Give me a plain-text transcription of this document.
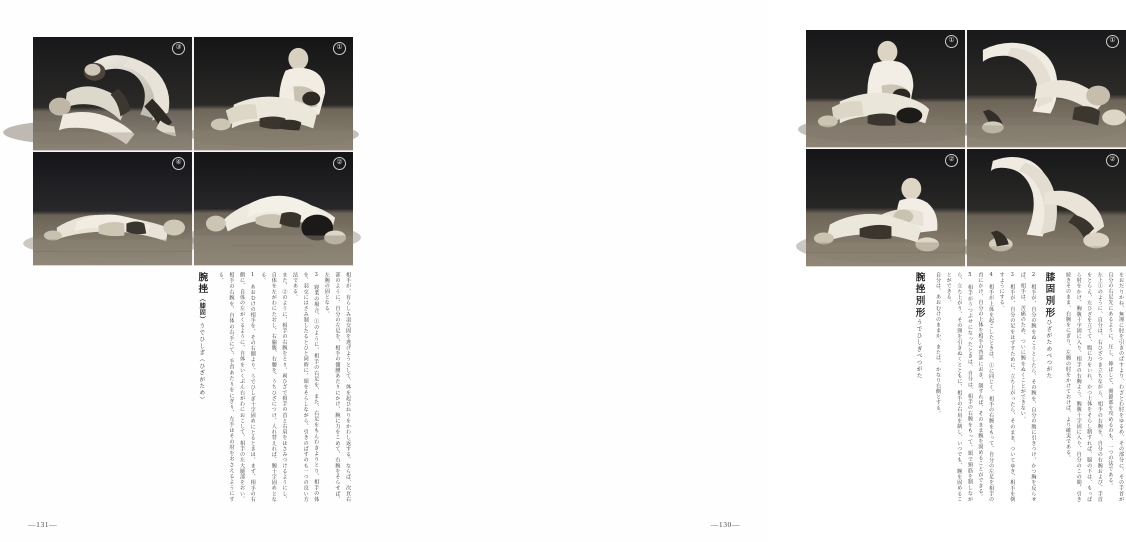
③	①
④	②
相手が、有らしみ羽交固を逃げようとして、体を起ひねりをかわし返する、ならば、次頁右部のように、自分の左足を、相手の側腰あたりにかけ、腕に力をこめて、右腕をそらせば、左腕の固となる。
3　寝業の場合、①のように、相手の右足を、また、右足をもんわきよりとり、相手の体を、羽交にはさみ制したるとひと同時に、頸をそらしながら、引きのばすのも一つの良い方法である。
また、②のように、相手の右腕をとり、両ひざで相手の首と右肩をはさみつけるようにし、自体を左がわにたおし、右脇腹、右腰を、うちひざにつけ、人れ替えれば、腕十字固めとなる。
1　あおむけの相手を、その右側より、うでひしぎ十字固めにとるときは、まず、相手の右側に、自体の左がくるように、自体をいくぶん右がわにおこして、相手の左大腿部をおい、相手の右腕を、自体の右手にて、手首あたりをにぎり、左手はその肘をおさえるようにする。
腕挫（膝固）うでひしぎ（ひざがため）
—131—
①	①
②	②
をおだりかね、無理に肘を引きのばすより、わざとわ肘をゆるめ、その部分に、その手首が自分の右足先にあるように、圧し、伸ばして、関節部を攻めるのも、一つの法である。
左上①のように、自分は、右ひざつき立ちながら、相手の右腕を、自分の右腕および、手首をとらえ、左ひざを立てて、腹に力をいれ、かつ上体をそらし制すれば、脇の下は、もっぱら肘をかけ、胸腹十字固に入り、相手の右腕よう、腕腹十字固に入り、自分のこの間、引き続きそのまま、右腕をにぎり、左腕の肘をかけておけば、より確実である。
膝固別形ひざがためべつがた
2　相手が、自分の腕をぬこうとしたら、その腕を、自分の腹に引きつけ、かつ胸を反らせば、相手は、苦痛のため、ついに腕をぬくことができない。
3　相手が、自分の足をはずすために、立ち上がったら、そのまま、ついてゆき、相手を倒すようにする。
4　相手が上体を起こしたときは、①に同じく、相手の右腕をもって、自分の左足を相手の首にかけ、自分の上体を相手の背部におき、制すれば、そのまま腕を固めることができる。
5　相手がうつぶせになったときは、自分は、相手の右腕をもって、頸で頸筋を制しながら、立ち上がり、その頸を引きぬくとともに、相手の右肩を制し、いつでも、腕を固めることができる。
自分は、あおむけのままか、または、かなり右側とする。
腕挫別形うでひしぎべつがた
—130—
